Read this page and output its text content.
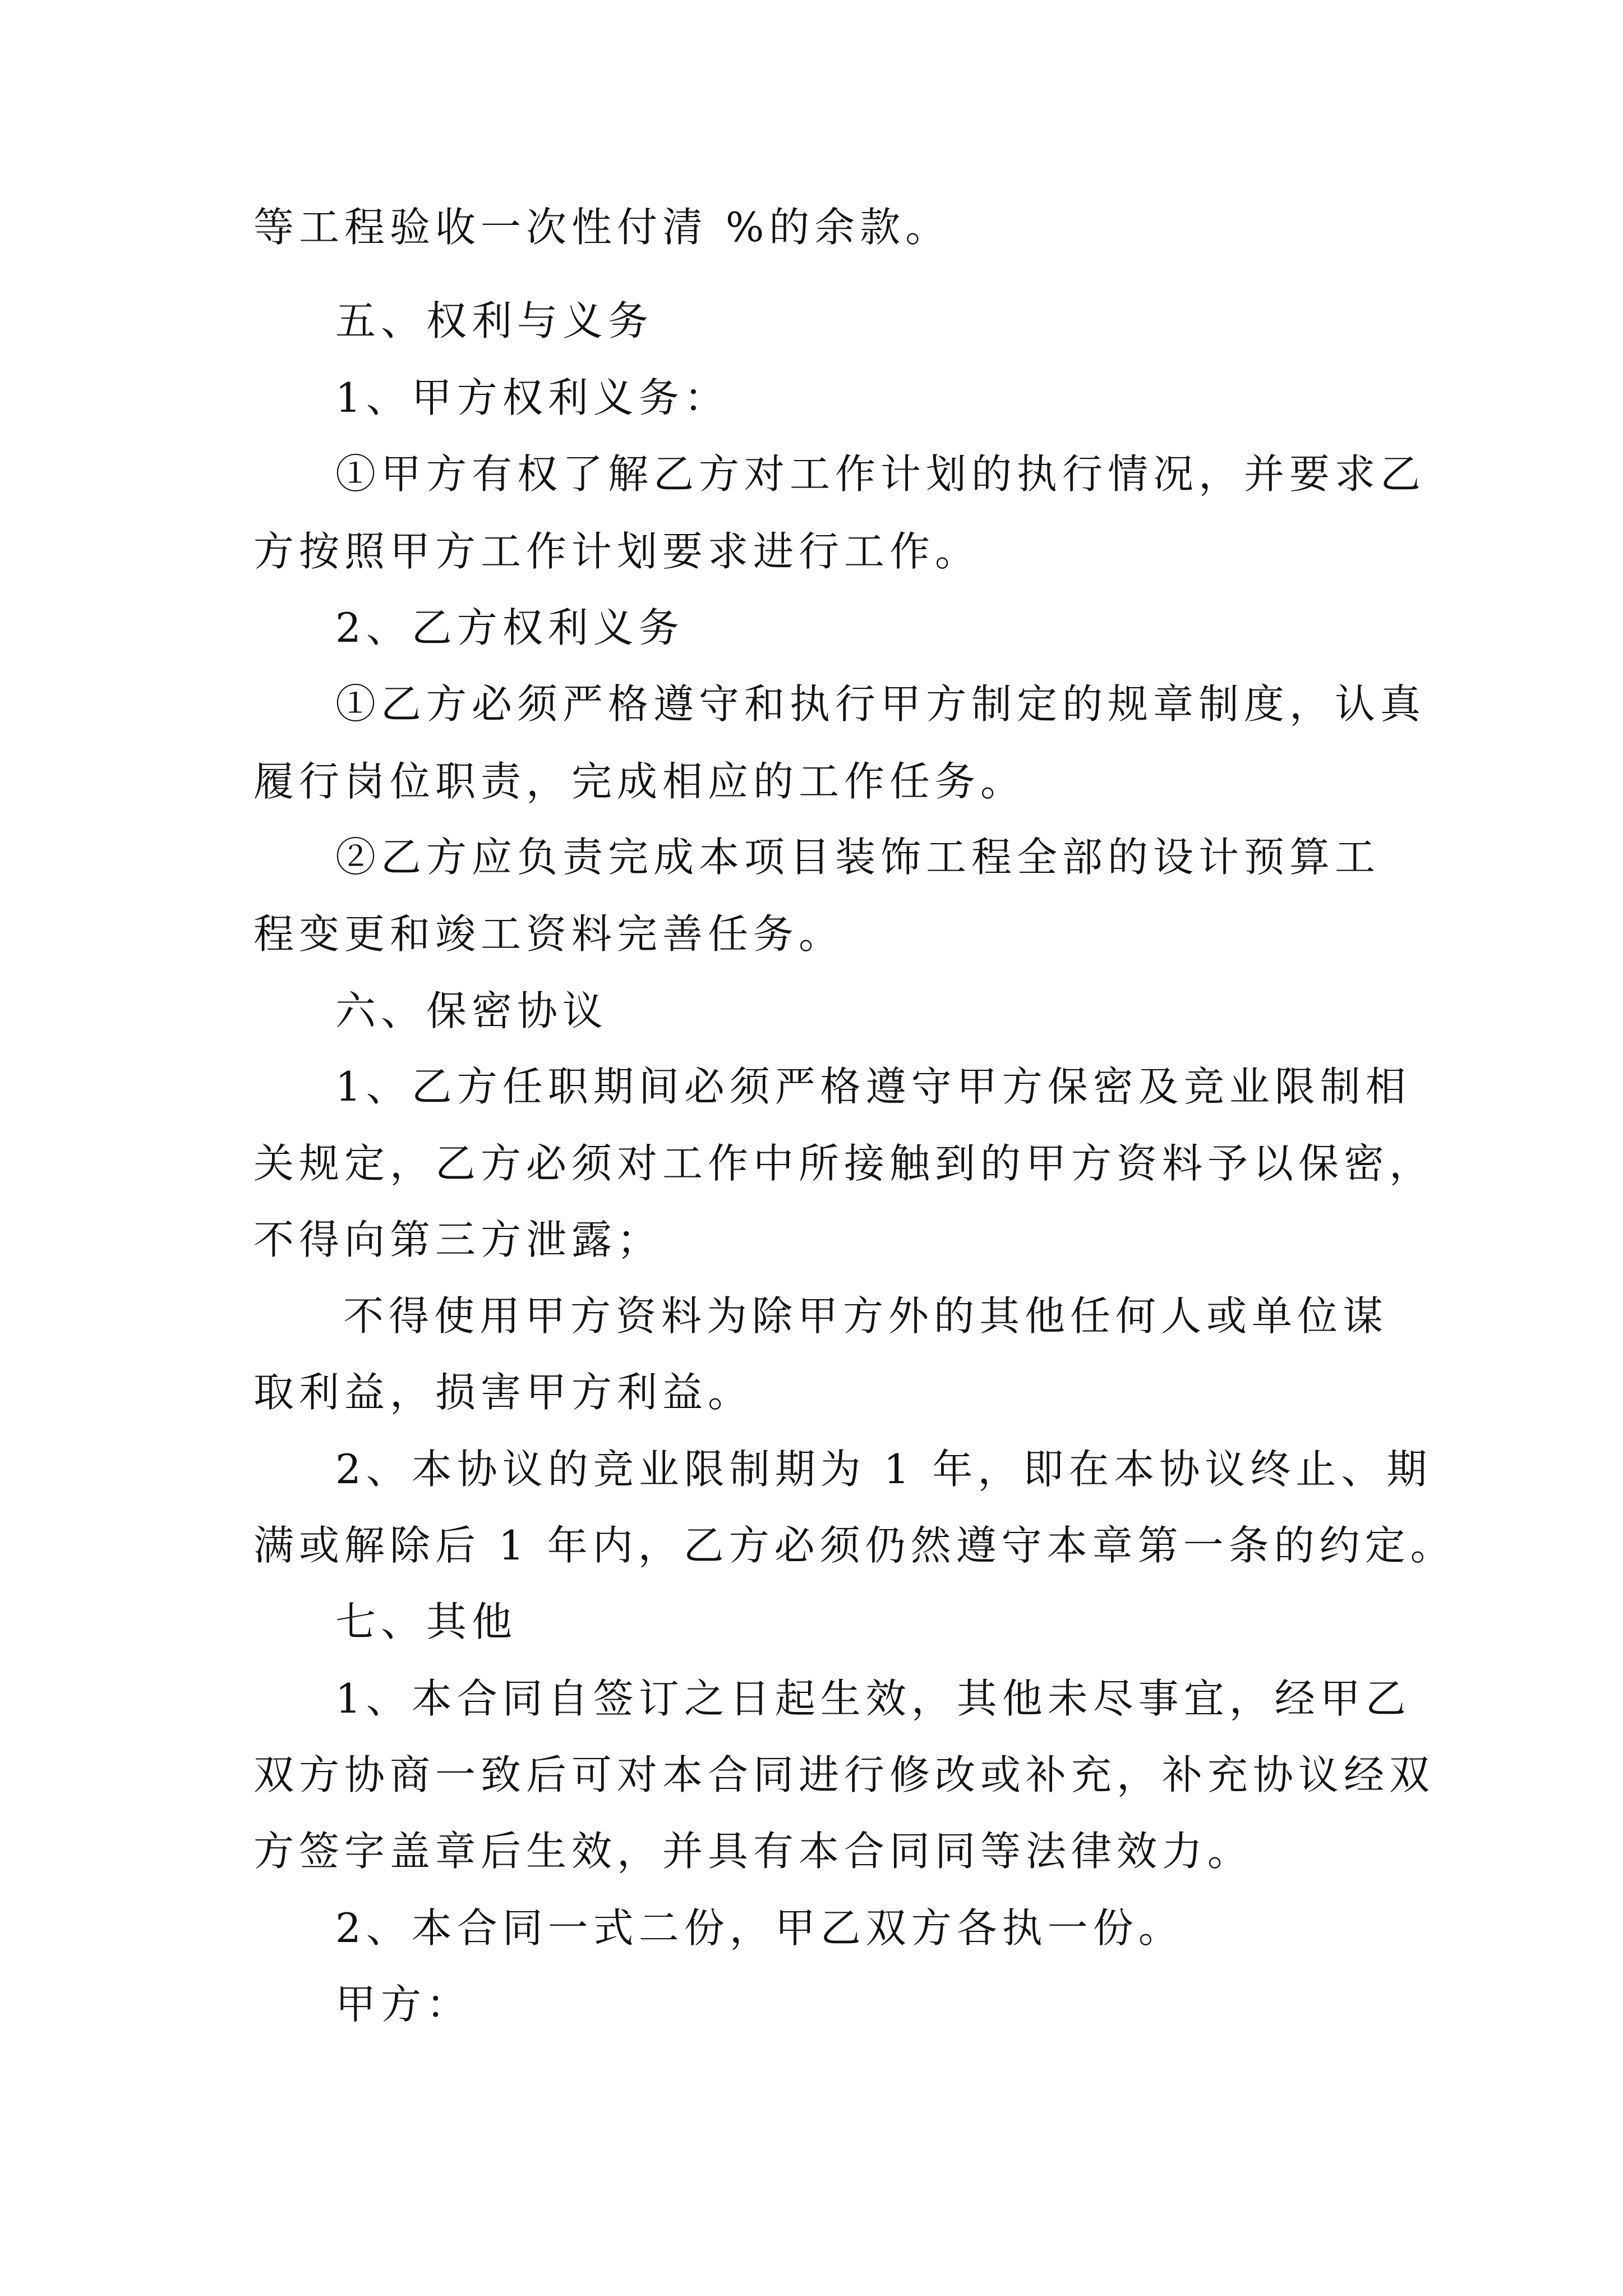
等工程验收一次性付清 %的余款。
五、权利与义务
1、甲方权利义务：
①甲方有权了解乙方对工作计划的执行情况，并要求乙
方按照甲方工作计划要求进行工作。
2、乙方权利义务
①乙方必须严格遵守和执行甲方制定的规章制度，认真
履行岗位职责，完成相应的工作任务。
②乙方应负责完成本项目装饰工程全部的设计预算工
程变更和竣工资料完善任务。
六、保密协议
1、乙方任职期间必须严格遵守甲方保密及竞业限制相
关规定，乙方必须对工作中所接触到的甲方资料予以保密，
不得向第三方泄露；
不得使用甲方资料为除甲方外的其他任何人或单位谋
取利益，损害甲方利益。
2、本协议的竞业限制期为 1 年，即在本协议终止、期
满或解除后 1 年内，乙方必须仍然遵守本章第一条的约定。
七、其他
1、本合同自签订之日起生效，其他未尽事宜，经甲乙
双方协商一致后可对本合同进行修改或补充，补充协议经双
方签字盖章后生效，并具有本合同同等法律效力。
2、本合同一式二份，甲乙双方各执一份。
甲方：
